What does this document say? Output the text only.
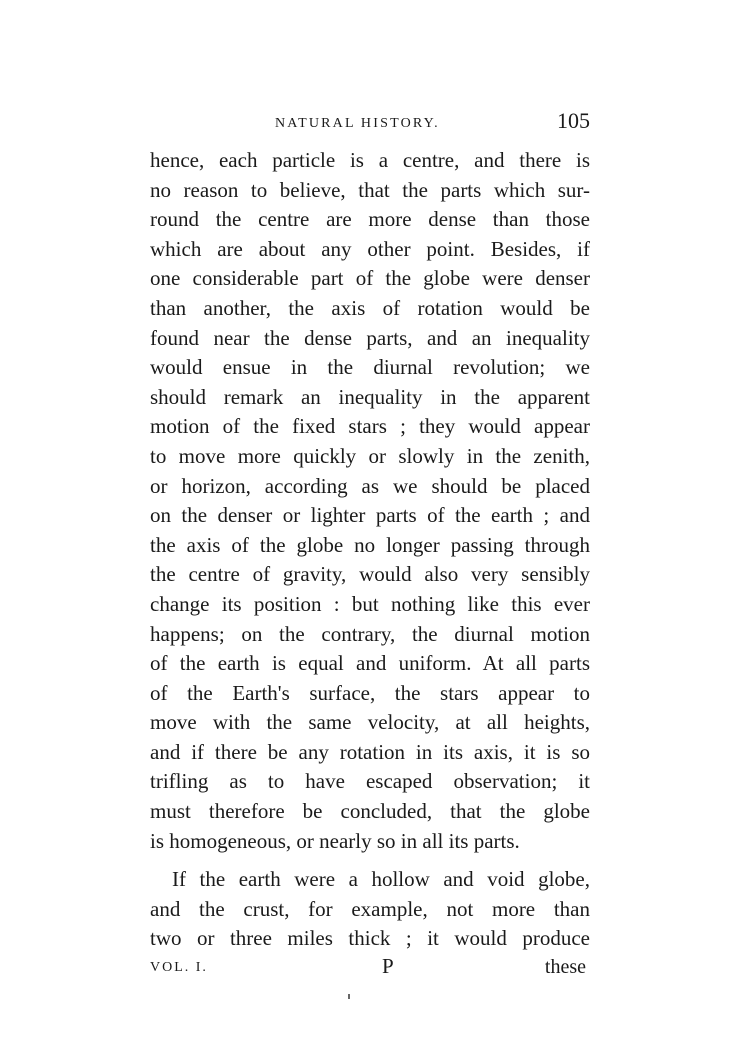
NATURAL HISTORY.	105
hence, each particle is a centre, and there is
no reason to believe, that the parts which sur-
round the centre are more dense than those
which are about any other point. Besides, if
one considerable part of the globe were denser
than another, the axis of rotation would be
found near the dense parts, and an inequality
would ensue in the diurnal revolution; we
should remark an inequality in the apparent
motion of the fixed stars ; they would appear
to move more quickly or slowly in the zenith,
or horizon, according as we should be placed
on the denser or lighter parts of the earth ; and
the axis of the globe no longer passing through
the centre of gravity, would also very sensibly
change its position : but nothing like this ever
happens; on the contrary, the diurnal motion
of the earth is equal and uniform. At all parts
of the Earth's surface, the stars appear to
move with the same velocity, at all heights,
and if there be any rotation in its axis, it is so
trifling as to have escaped observation; it
must therefore be concluded, that the globe
is homogeneous, or nearly so in all its parts.
If the earth were a hollow and void globe,
and the crust, for example, not more than
two or three miles thick ; it would produce
VOL. I.	P	these
